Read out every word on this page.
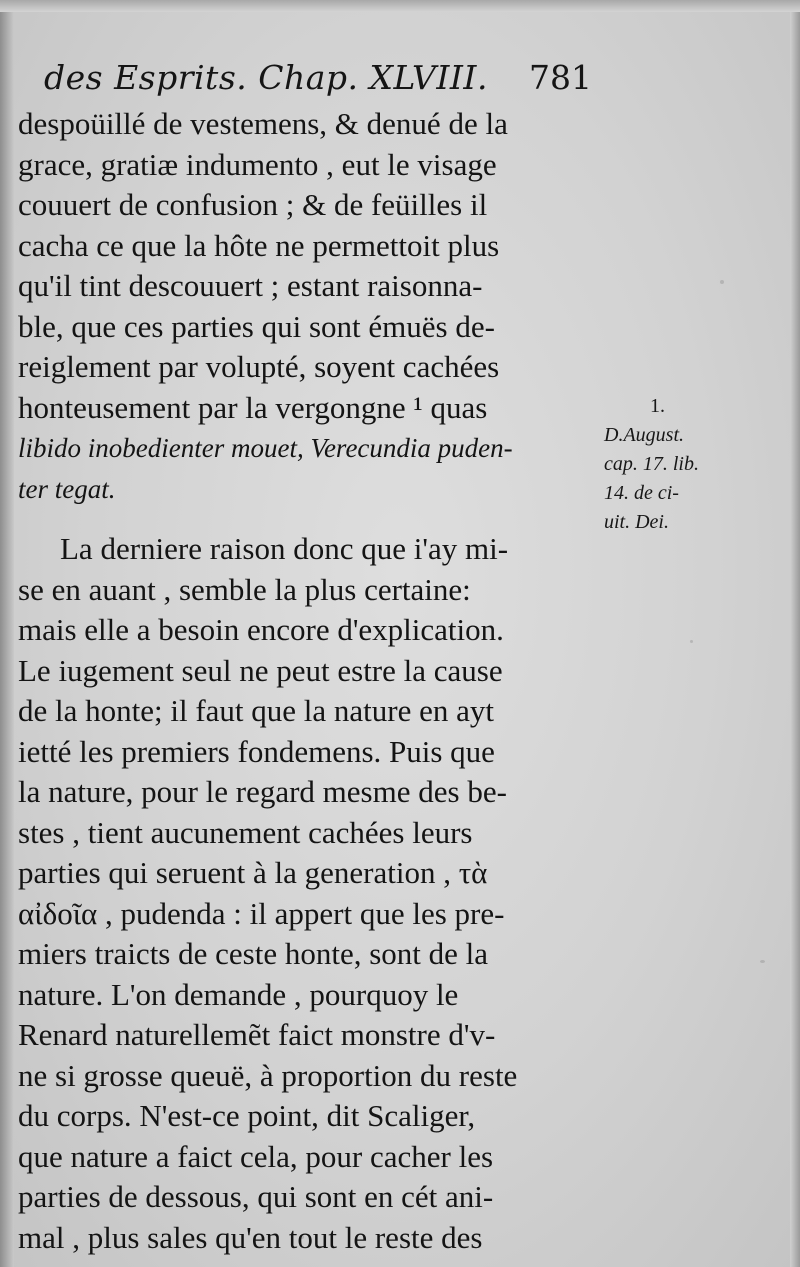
des Esprits. Chap. XLVIII. 781
despoüillé de vestemens, & denué de la
grace, gratiæ indumento , eut le visage
couuert de confusion ; & de feüilles il
cacha ce que la hôte ne permettoit plus
qu'il tint descouuert ; estant raisonna-
ble, que ces parties qui sont émuës de-
reiglement par volupté, soyent cachées
honteusement par la vergongne ¹ quas
libido inobedienter mouet, Verecundia puden-
ter tegat.
La derniere raison donc que i'ay mi-
se en auant , semble la plus certaine:
mais elle a besoin encore d'explication.
Le iugement seul ne peut estre la cause
de la honte; il faut que la nature en ayt
ietté les premiers fondemens. Puis que
la nature, pour le regard mesme des be-
stes , tient aucunement cachées leurs
parties qui seruent à la generation , τὰ
αἰδοῖα , pudenda : il appert que les pre-
miers traicts de ceste honte, sont de la
nature. L'on demande , pourquoy le
Renard naturellemẽt faict monstre d'v-
ne si grosse queuë, à proportion du reste
du corps. N'est-ce point, dit Scaliger,
que nature a faict cela, pour cacher les
parties de dessous, qui sont en cét ani-
mal , plus sales qu'en tout le reste des
1.
D.August.
cap. 17. lib.
14. de ci-
uit. Dei.
